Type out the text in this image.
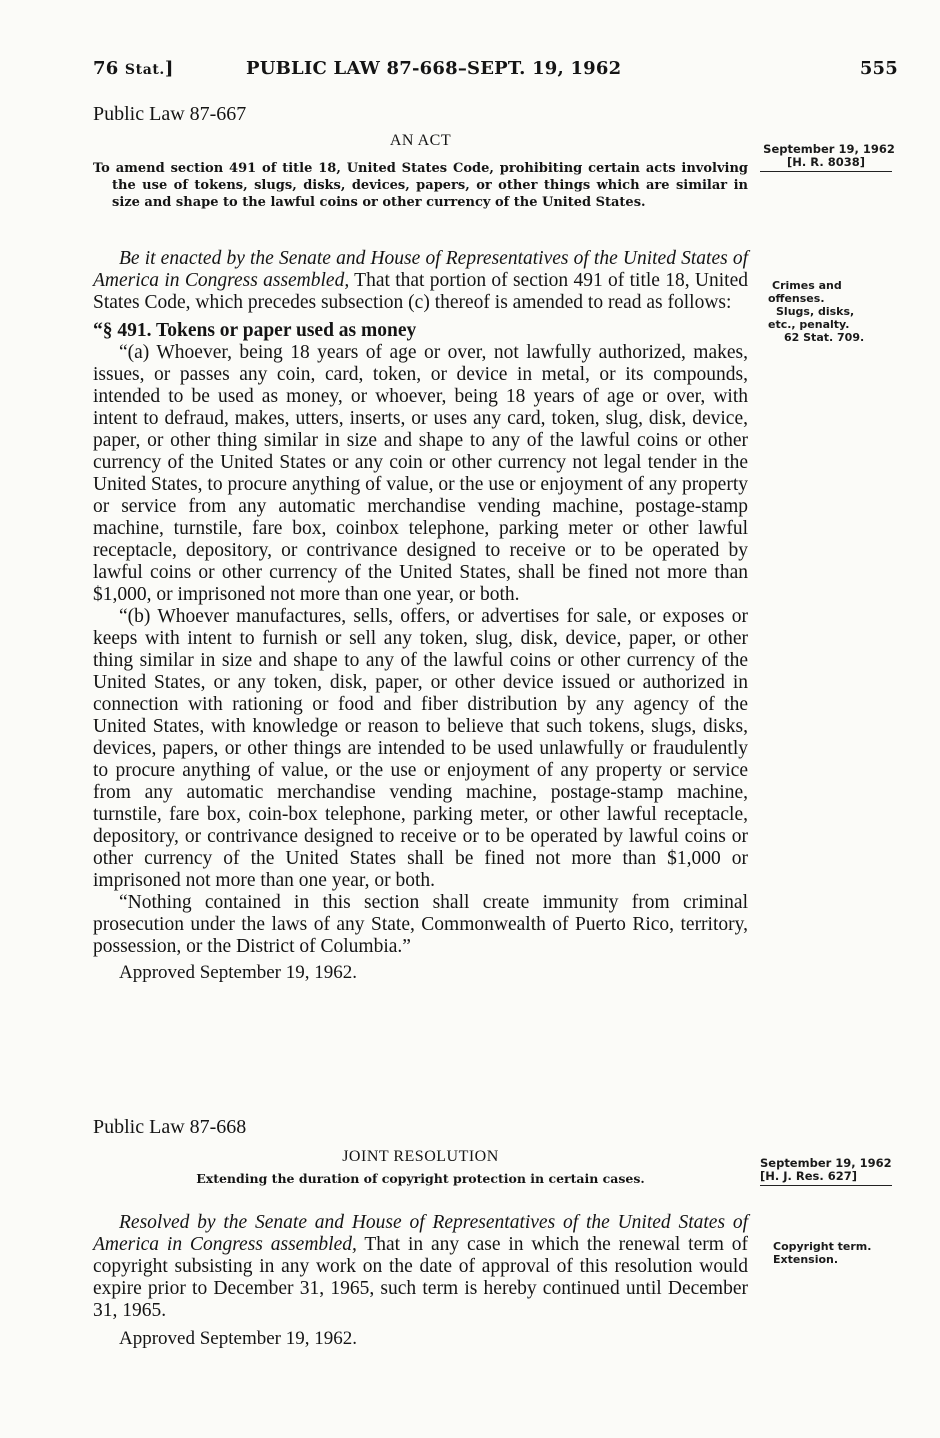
76 Stat.]	PUBLIC LAW 87-668–SEPT. 19, 1962	555
Public Law 87-667
AN ACT

To amend section 491 of title 18, United States Code, prohibiting certain acts involving the use of tokens, slugs, disks, devices, papers, or other things which are similar in size and shape to the lawful coins or other currency of the United States.

September 19, 1962
[H. R. 8038]

Be it enacted by the Senate and House of Representatives of the United States of America in Congress assembled, That that portion of section 491 of title 18, United States Code, which precedes subsection (c) thereof is amended to read as follows:

“§ 491. Tokens or paper used as money

“(a) Whoever, being 18 years of age or over, not lawfully authorized, makes, issues, or passes any coin, card, token, or device in metal, or its compounds, intended to be used as money, or whoever, being 18 years of age or over, with intent to defraud, makes, utters, inserts, or uses any card, token, slug, disk, device, paper, or other thing similar in size and shape to any of the lawful coins or other currency of the United States or any coin or other currency not legal tender in the United States, to procure anything of value, or the use or enjoyment of any property or service from any automatic merchandise vending machine, postage-stamp machine, turnstile, fare box, coinbox telephone, parking meter or other lawful receptacle, depository, or contrivance designed to receive or to be operated by lawful coins or other currency of the United States, shall be fined not more than $1,000, or imprisoned not more than one year, or both.

“(b) Whoever manufactures, sells, offers, or advertises for sale, or exposes or keeps with intent to furnish or sell any token, slug, disk, device, paper, or other thing similar in size and shape to any of the lawful coins or other currency of the United States, or any token, disk, paper, or other device issued or authorized in connection with rationing or food and fiber distribution by any agency of the United States, with knowledge or reason to believe that such tokens, slugs, disks, devices, papers, or other things are intended to be used unlawfully or fraudulently to procure anything of value, or the use or enjoyment of any property or service from any automatic merchandise vending machine, postage-stamp machine, turnstile, fare box, coin-box telephone, parking meter, or other lawful receptacle, depository, or contrivance designed to receive or to be operated by lawful coins or other currency of the United States shall be fined not more than $1,000 or imprisoned not more than one year, or both.

“Nothing contained in this section shall create immunity from criminal prosecution under the laws of any State, Commonwealth of Puerto Rico, territory, possession, or the District of Columbia.”

Approved September 19, 1962.

Crimes and
offenses.
Slugs, disks,
etc., penalty.
62 Stat. 709.
Public Law 87-668
JOINT RESOLUTION
Extending the duration of copyright protection in certain cases.
September 19, 1962
[H. J. Res. 627]

Resolved by the Senate and House of Representatives of the United States of America in Congress assembled, That in any case in which the renewal term of copyright subsisting in any work on the date of approval of this resolution would expire prior to December 31, 1965, such term is hereby continued until December 31, 1965.

Approved September 19, 1962.

Copyright term.
Extension.
